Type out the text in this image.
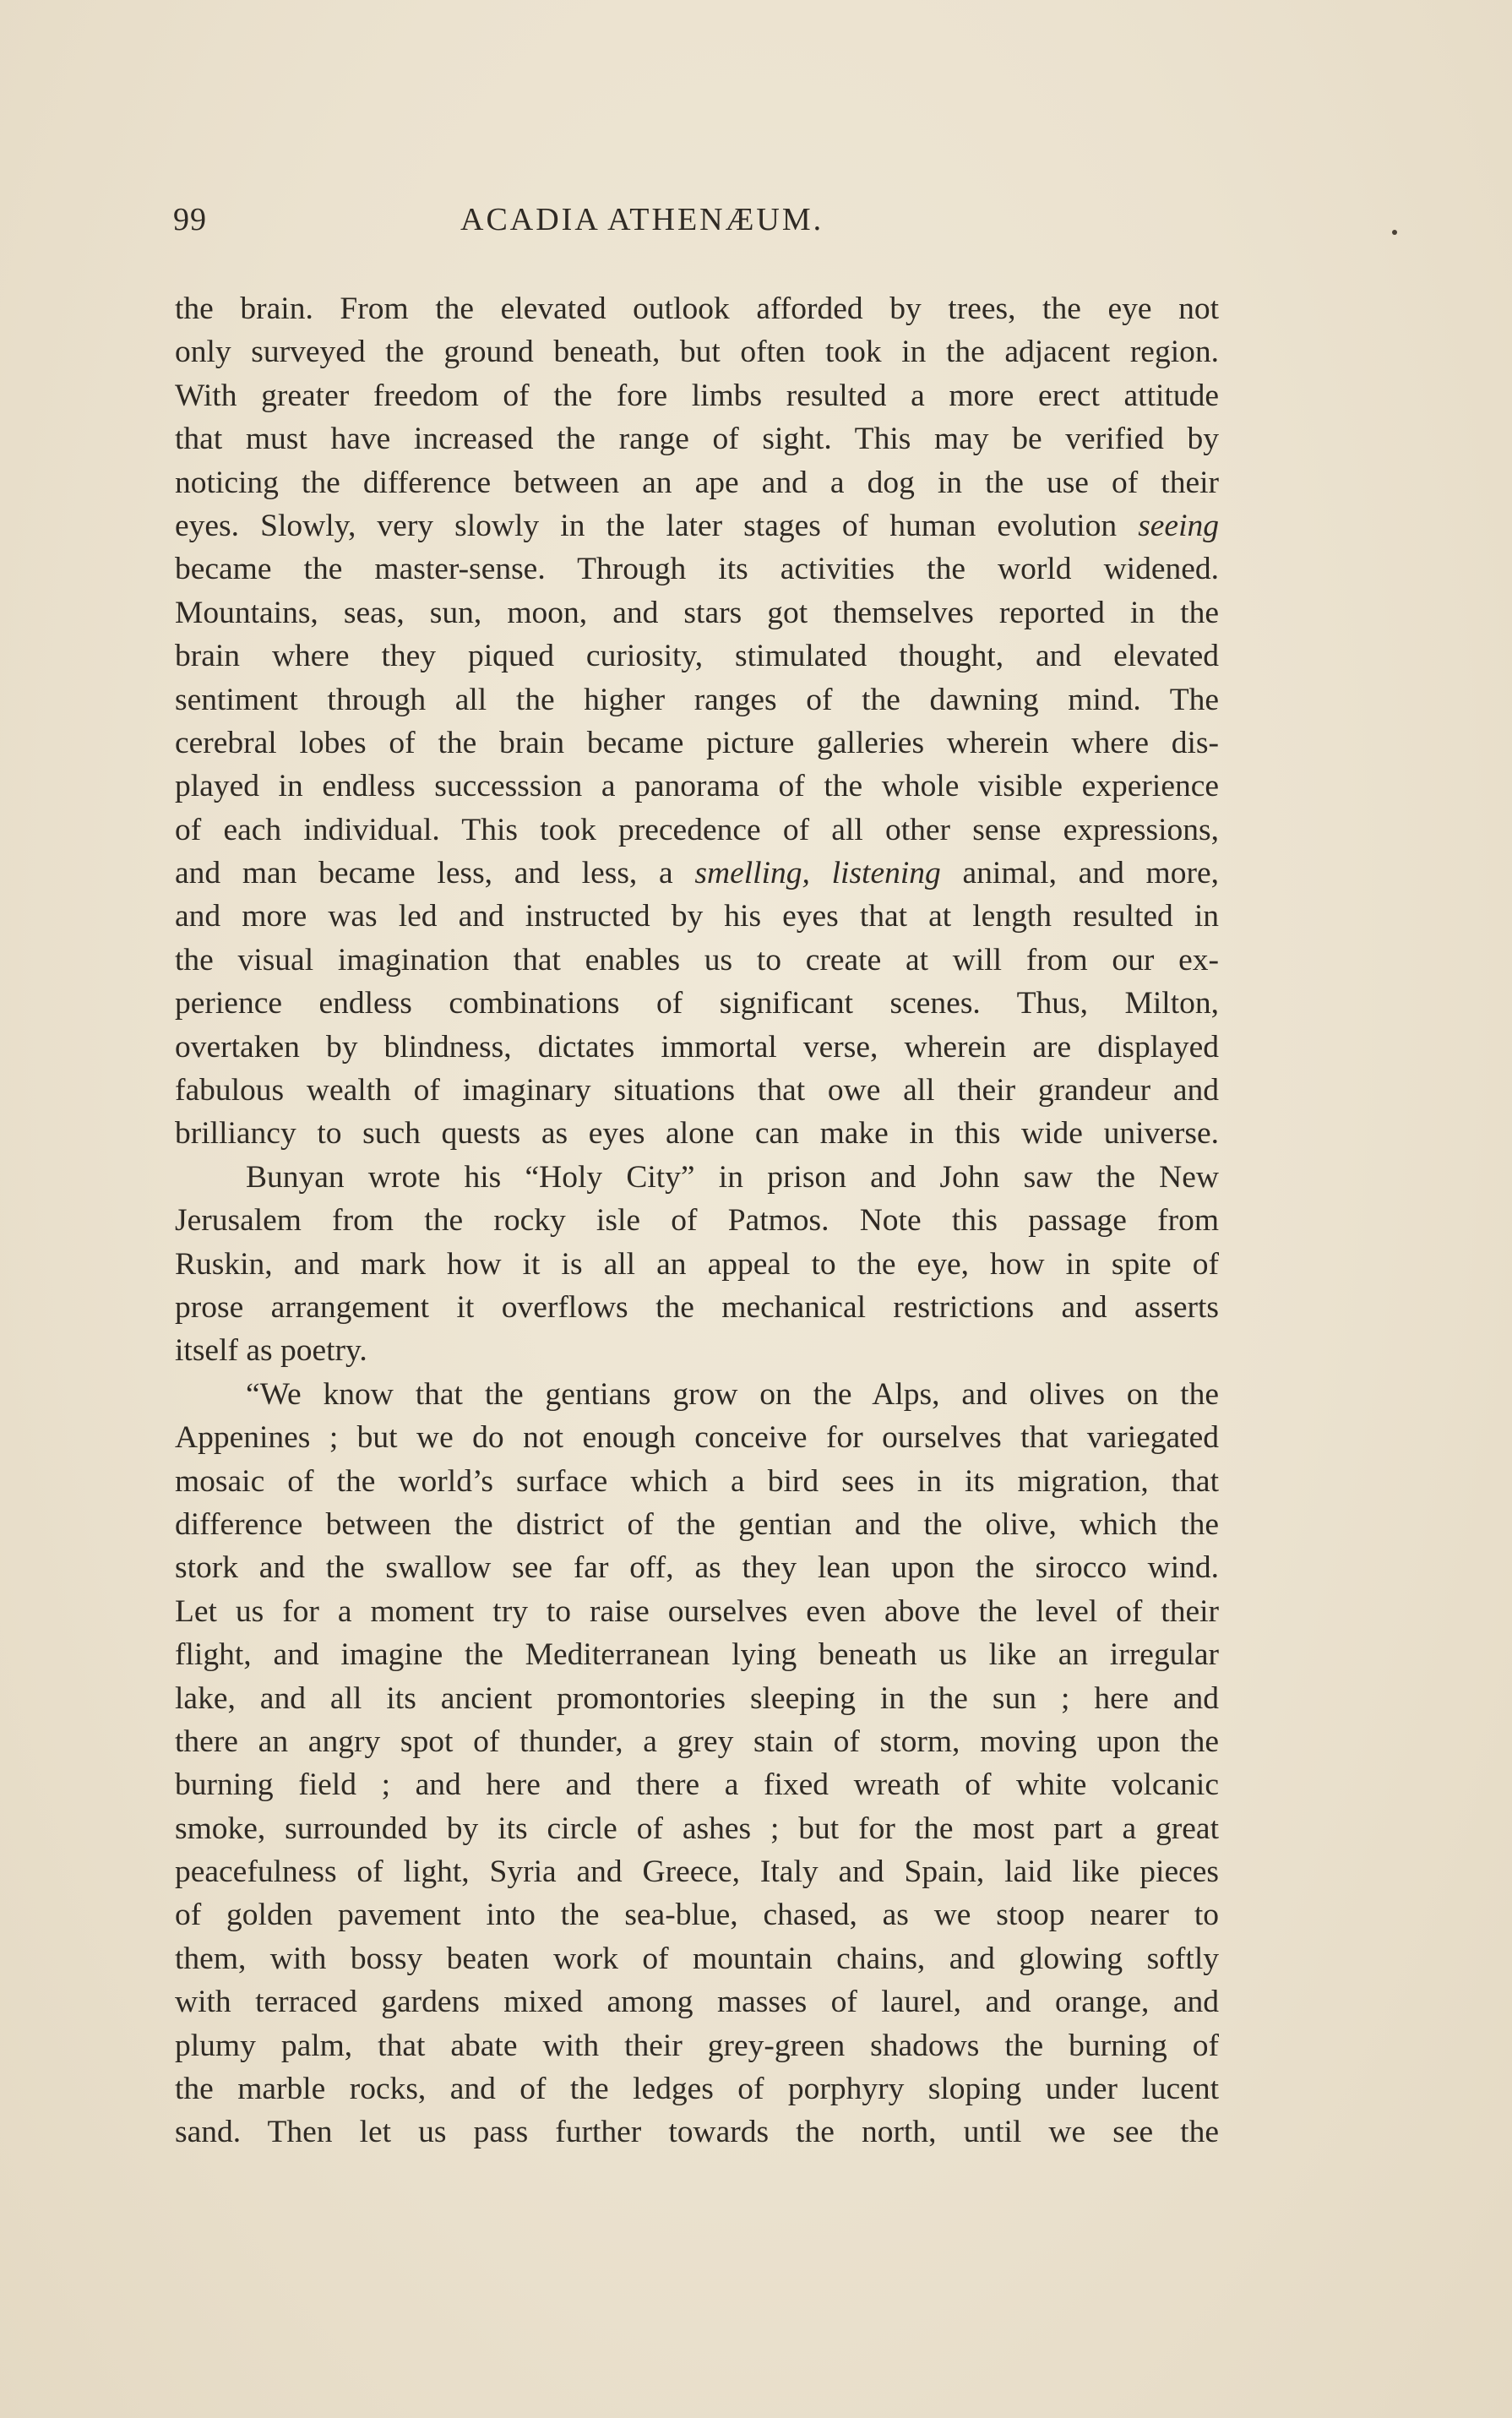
99	ACADIA ATHENÆUM.
the brain. From the elevated outlook afforded by trees, the eye not
only surveyed the ground beneath, but often took in the adjacent region.
With greater freedom of the fore limbs resulted a more erect attitude
that must have increased the range of sight. This may be verified by
noticing the difference between an ape and a dog in the use of their
eyes. Slowly, very slowly in the later stages of human evolution seeing
became the master-sense. Through its activities the world widened.
Mountains, seas, sun, moon, and stars got themselves reported in the
brain where they piqued curiosity, stimulated thought, and elevated
sentiment through all the higher ranges of the dawning mind. The
cerebral lobes of the brain became picture galleries wherein where dis-
played in endless successsion a panorama of the whole visible experience
of each individual. This took precedence of all other sense expressions,
and man became less, and less, a smelling, listening animal, and more,
and more was led and instructed by his eyes that at length resulted in
the visual imagination that enables us to create at will from our ex-
perience endless combinations of significant scenes. Thus, Milton,
overtaken by blindness, dictates immortal verse, wherein are displayed
fabulous wealth of imaginary situations that owe all their grandeur and
brilliancy to such quests as eyes alone can make in this wide universe.
Bunyan wrote his “Holy City” in prison and John saw the New
Jerusalem from the rocky isle of Patmos. Note this passage from
Ruskin, and mark how it is all an appeal to the eye, how in spite of
prose arrangement it overflows the mechanical restrictions and asserts
itself as poetry.
“We know that the gentians grow on the Alps, and olives on the
Appenines ; but we do not enough conceive for ourselves that variegated
mosaic of the world’s surface which a bird sees in its migration, that
difference between the district of the gentian and the olive, which the
stork and the swallow see far off, as they lean upon the sirocco wind.
Let us for a moment try to raise ourselves even above the level of their
flight, and imagine the Mediterranean lying beneath us like an irregular
lake, and all its ancient promontories sleeping in the sun ; here and
there an angry spot of thunder, a grey stain of storm, moving upon the
burning field ; and here and there a fixed wreath of white volcanic
smoke, surrounded by its circle of ashes ; but for the most part a great
peacefulness of light, Syria and Greece, Italy and Spain, laid like pieces
of golden pavement into the sea-blue, chased, as we stoop nearer to
them, with bossy beaten work of mountain chains, and glowing softly
with terraced gardens mixed among masses of laurel, and orange, and
plumy palm, that abate with their grey-green shadows the burning of
the marble rocks, and of the ledges of porphyry sloping under lucent
sand. Then let us pass further towards the north, until we see the
